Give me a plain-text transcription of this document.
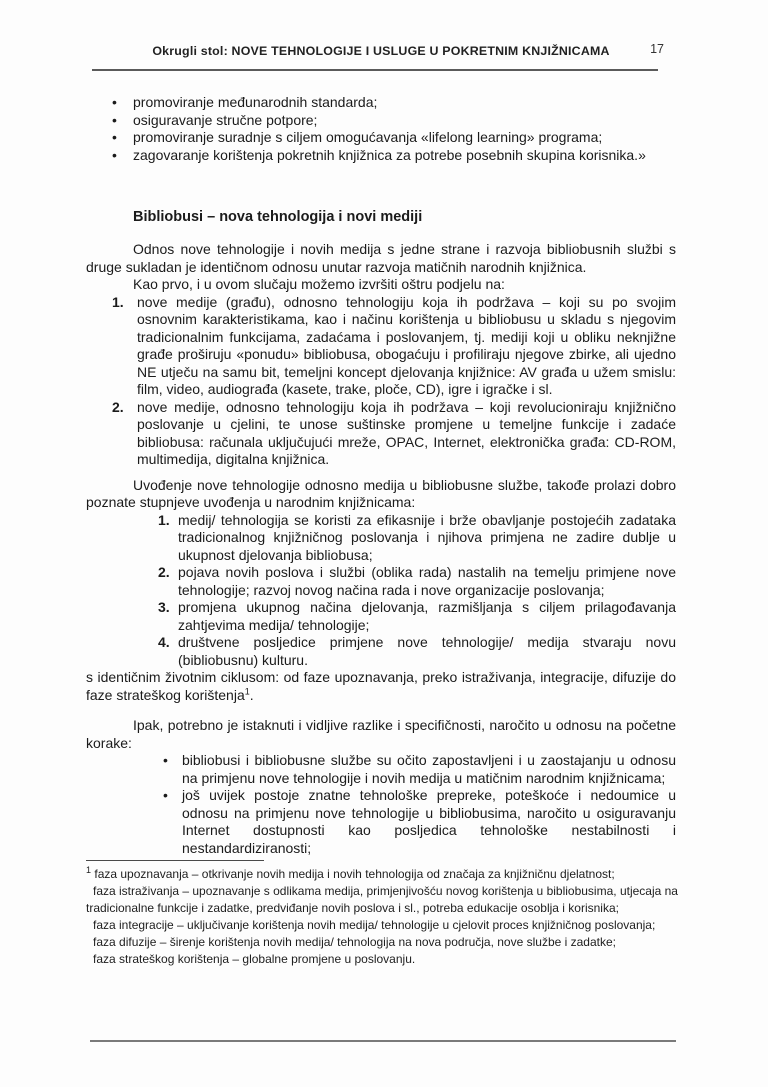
Okrugli stol: NOVE TEHNOLOGIJE I USLUGE U POKRETNIM KNJIŽNICAMA	17
• promoviranje međunarodnih standarda;
• osiguravanje stručne potpore;
• promoviranje suradnje s ciljem omogućavanja «lifelong learning» programa;
• zagovaranje korištenja pokretnih knjižnica za potrebe posebnih skupina korisnika.»
Bibliobusi – nova tehnologija i novi mediji

Odnos nove tehnologije i novih medija s jedne strane i razvoja bibliobusnih službi s druge sukladan je identičnom odnosu unutar razvoja matičnih narodnih knjižnica.

Kao prvo, i u ovom slučaju možemo izvršiti oštru podjelu na:

1. nove medije (građu), odnosno tehnologiju koja ih podržava – koji su po svojim osnovnim karakteristikama, kao i načinu korištenja u bibliobusu u skladu s njegovim tradicionalnim funkcijama, zadaćama i poslovanjem, tj. mediji koji u obliku neknjižne građe proširuju «ponudu» bibliobusa, obogaćuju i profiliraju njegove zbirke, ali ujedno NE utječu na samu bit, temeljni koncept djelovanja knjižnice: AV građa u užem smislu: film, video, audiograđa (kasete, trake, ploče, CD), igre i igračke i sl.
2. nove medije, odnosno tehnologiju koja ih podržava – koji revolucioniraju knjižnično poslovanje u cjelini, te unose suštinske promjene u temeljne funkcije i zadaće bibliobusa: računala uključujući mreže, OPAC, Internet, elektronička građa: CD-ROM, multimedija, digitalna knjižnica.

Uvođenje nove tehnologije odnosno medija u bibliobusne službe, takođe prolazi dobro poznate stupnjeve uvođenja u narodnim knjižnicama:

1. medij/ tehnologija se koristi za efikasnije i brže obavljanje postojećih zadataka tradicionalnog knjižničnog poslovanja i njihova primjena ne zadire dublje u ukupnost djelovanja bibliobusa;
2. pojava novih poslova i službi (oblika rada) nastalih na temelju primjene nove tehnologije; razvoj novog načina rada i nove organizacije poslovanja;
3. promjena ukupnog načina djelovanja, razmišljanja s ciljem prilagođavanja zahtjevima medija/ tehnologije;
4. društvene posljedice primjene nove tehnologije/ medija stvaraju novu (bibliobusnu) kulturu.

s identičnim životnim ciklusom: od faze upoznavanja, preko istraživanja, integracije, difuzije do faze strateškog korištenja$^1$.

Ipak, potrebno je istaknuti i vidljive razlike i specifičnosti, naročito u odnosu na početne korake:

• bibliobusi i bibliobusne službe su očito zapostavljeni i u zaostajanju u odnosu na primjenu nove tehnologije i novih medija u matičnim narodnim knjižnicama;
• još uvijek postoje znatne tehnološke prepreke, poteškoće i nedoumice u odnosu na primjenu nove tehnologije u bibliobusima, naročito u osiguravanju Internet dostupnosti kao posljedica tehnološke nestabilnosti i nestandardiziranosti;

$^1$ faza upoznavanja – otkrivanje novih medija i novih tehnologija od značaja za knjižničnu djelatnost;

faza istraživanja – upoznavanje s odlikama medija, primjenjivošću novog korištenja u bibliobusima, utjecaja na tradicionalne funkcije i zadatke, predviđanje novih poslova i sl., potreba edukacije osoblja i korisnika;

faza integracije – uključivanje korištenja novih medija/ tehnologije u cjelovit proces knjižničnog poslovanja;

faza difuzije – širenje korištenja novih medija/ tehnologija na nova područja, nove službe i zadatke;

faza strateškog korištenja – globalne promjene u poslovanju.
